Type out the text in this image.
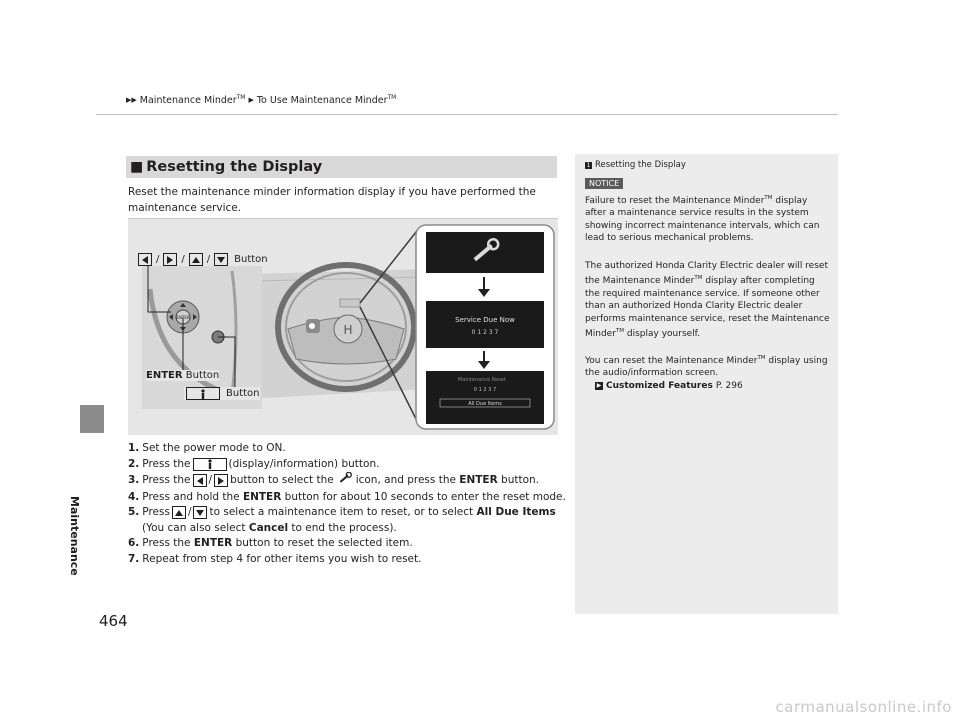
▶▶ Maintenance Minder™ ▶ To Use Maintenance Minder™
Maintenance
464
■ Resetting the Display
Reset the maintenance minder information display if you have performed the maintenance service.
H
ENTER	Service Due Now
0 1 2 3 7
Maintenance Reset
0 1 2 3 7
All Due Items
/ / / Button
ENTER Button
Button
1. Set the power mode to ON.
2. Press the	(display/information) button.
3. Press the / button to select the icon, and press the
ENTER
button.
4. Press and hold the
ENTER
button for about 10 seconds to enter the reset mode.
5. Press / to select a maintenance item to reset, or to select
All Due Items
(You can also select
Cancel
to end the process).
6. Press the
ENTER
button to reset the selected item.
7. Repeat from step 4 for other items you wish to reset.
1 Resetting the Display
NOTICE
Failure to reset the Maintenance Minder™ display after a maintenance service results in the system showing incorrect maintenance intervals, which can lead to serious mechanical problems.
The authorized Honda Clarity Electric dealer will reset the Maintenance Minder™ display after completing the required maintenance service. If someone other than an authorized Honda Clarity Electric dealer performs maintenance service, reset the Maintenance Minder™ display yourself.
You can reset the Maintenance Minder™ display using the audio/information screen.
▶ Customized Features P. 296
carmanualsonline.info
